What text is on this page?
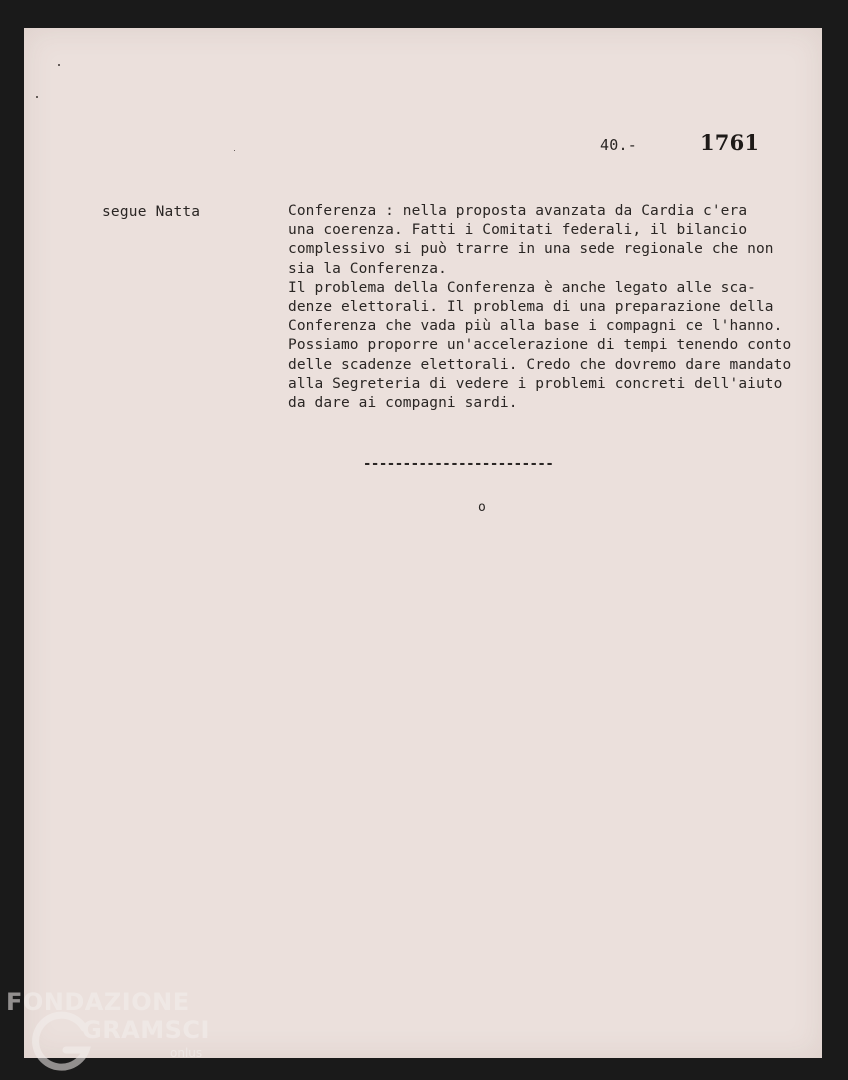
40.-	1761
segue Natta	Conferenza : nella proposta avanzata da Cardia c'era
una coerenza. Fatti i Comitati federali, il bilancio
complessivo si può trarre in una sede regionale che non
sia la Conferenza.
Il problema della Conferenza è anche legato alle sca-
denze elettorali. Il problema di una preparazione della
Conferenza che vada più alla base i compagni ce l'hanno.
Possiamo proporre un'accelerazione di tempi tenendo conto
delle scadenze elettorali. Credo che dovremo dare mandato
alla Segreteria di vedere i problemi concreti dell'aiuto
da dare ai compagni sardi.
------------------------
o
FONDAZIONE
GRAMSCI
onlus
